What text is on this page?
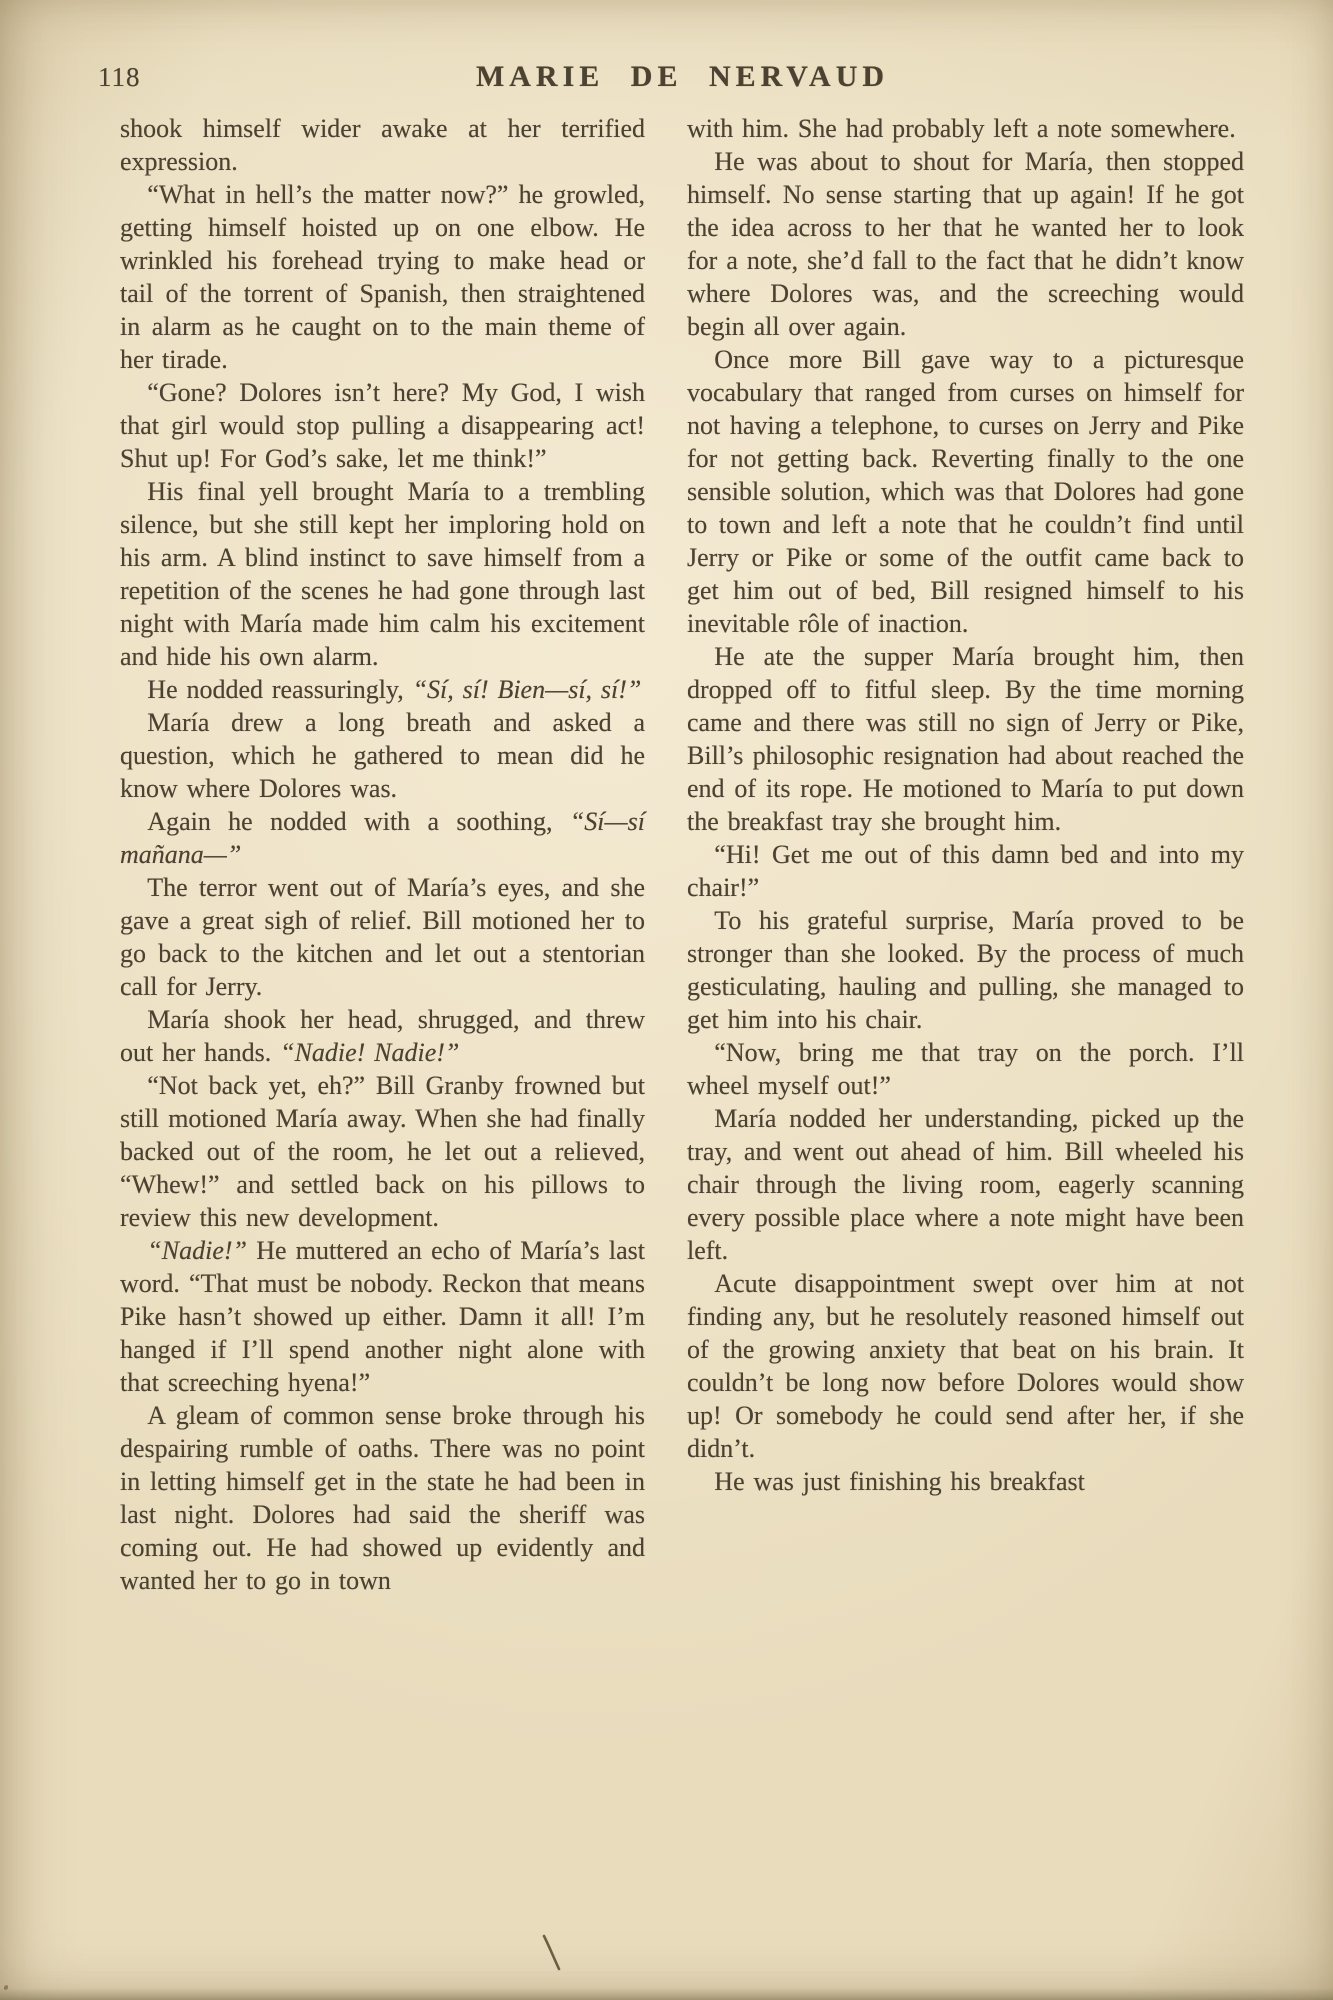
118	MARIE DE NERVAUD

shook himself wider awake at her terrified expression.

“What in hell’s the matter now?” he growled, getting himself hoisted up on one elbow. He wrinkled his forehead trying to make head or tail of the torrent of Spanish, then straightened in alarm as he caught on to the main theme of her tirade.

“Gone? Dolores isn’t here? My God, I wish that girl would stop pulling a disappearing act! Shut up! For God’s sake, let me think!”

His final yell brought María to a trembling silence, but she still kept her imploring hold on his arm. A blind instinct to save himself from a repetition of the scenes he had gone through last night with María made him calm his excitement and hide his own alarm.

He nodded reassuringly, “Sí, sí! Bien—sí, sí!”

María drew a long breath and asked a question, which he gathered to mean did he know where Dolores was.

Again he nodded with a soothing, “Sí—sí mañana—”

The terror went out of María’s eyes, and she gave a great sigh of relief. Bill motioned her to go back to the kitchen and let out a stentorian call for Jerry.

María shook her head, shrugged, and threw out her hands. “Nadie! Nadie!”

“Not back yet, eh?” Bill Granby frowned but still motioned María away. When she had finally backed out of the room, he let out a relieved, “Whew!” and settled back on his pillows to review this new development.

“Nadie!” He muttered an echo of María’s last word. “That must be nobody. Reckon that means Pike hasn’t showed up either. Damn it all! I’m hanged if I’ll spend another night alone with that screeching hyena!”

A gleam of common sense broke through his despairing rumble of oaths. There was no point in letting himself get in the state he had been in last night. Dolores had said the sheriff was coming out. He had showed up evidently and wanted her to go in town

with him. She had probably left a note somewhere.

He was about to shout for María, then stopped himself. No sense starting that up again! If he got the idea across to her that he wanted her to look for a note, she’d fall to the fact that he didn’t know where Dolores was, and the screeching would begin all over again.

Once more Bill gave way to a picturesque vocabulary that ranged from curses on himself for not having a telephone, to curses on Jerry and Pike for not getting back. Reverting finally to the one sensible solution, which was that Dolores had gone to town and left a note that he couldn’t find until Jerry or Pike or some of the outfit came back to get him out of bed, Bill resigned himself to his inevitable rôle of inaction.

He ate the supper María brought him, then dropped off to fitful sleep. By the time morning came and there was still no sign of Jerry or Pike, Bill’s philosophic resignation had about reached the end of its rope. He motioned to María to put down the breakfast tray she brought him.

“Hi! Get me out of this damn bed and into my chair!”

To his grateful surprise, María proved to be stronger than she looked. By the process of much gesticulating, hauling and pulling, she managed to get him into his chair.

“Now, bring me that tray on the porch. I’ll wheel myself out!”

María nodded her understanding, picked up the tray, and went out ahead of him. Bill wheeled his chair through the living room, eagerly scanning every possible place where a note might have been left.

Acute disappointment swept over him at not finding any, but he resolutely reasoned himself out of the growing anxiety that beat on his brain. It couldn’t be long now before Dolores would show up! Or somebody he could send after her, if she didn’t.

He was just finishing his breakfast
